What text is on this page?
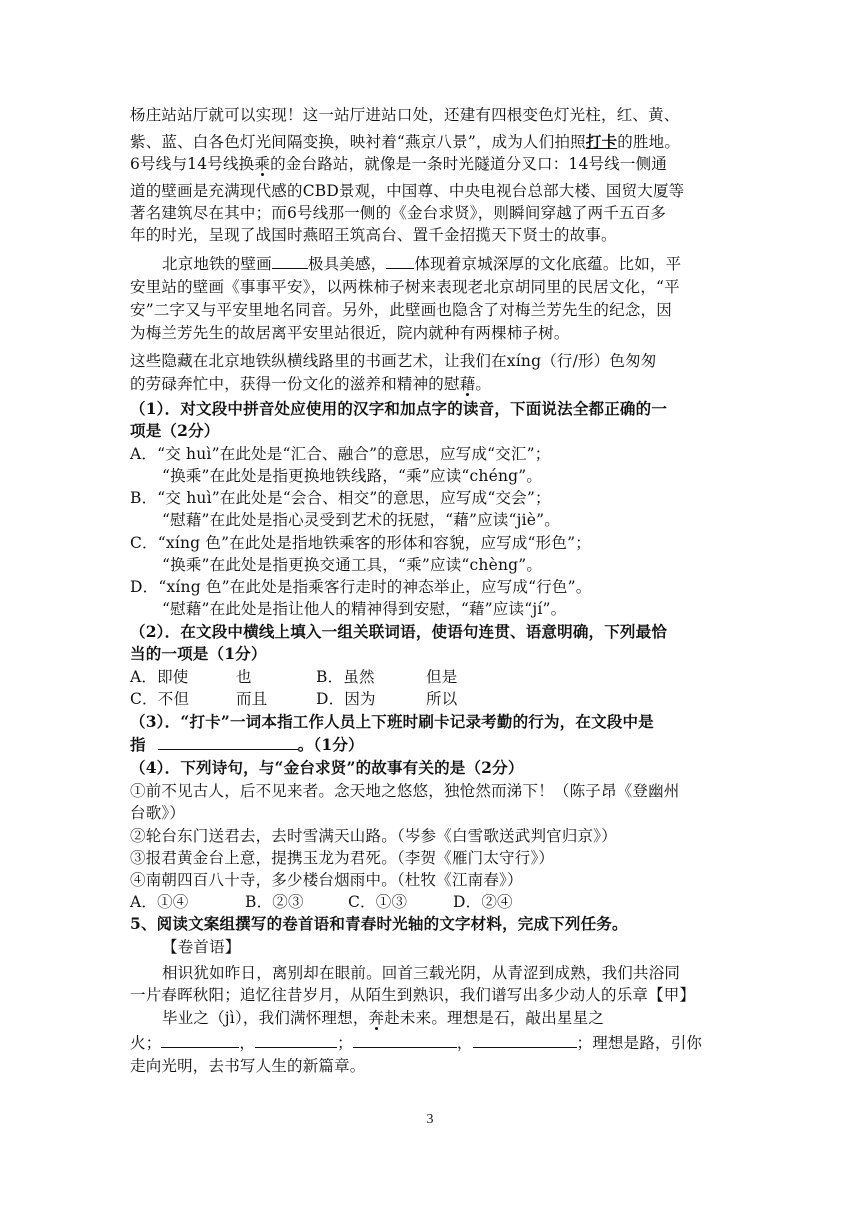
杨庄站站厅就可以实现！这一站厅进站口处，还建有四根变色灯光柱，红、黄、
紫、蓝、白各色灯光间隔变换，映衬着“燕京八景”，成为人们拍照打卡的胜地。
6号线与14号线换乘
的金台路站，就像是一条时光隧道分叉口：14号线一侧通
道的壁画是充满现代感的CBD景观，中国尊、中央电视台总部大楼、国贸大厦等
著名建筑尽在其中；而6号线那一侧的《金台求贤》，则瞬间穿越了两千五百多
年的时光，呈现了战国时燕昭王筑高台、置千金招揽天下贤士的故事。
北京地铁的壁画 极具美感， 体现着京城深厚的文化底蕴。比如，平
安里站的壁画《事事平安》，以两株柿子树来表现老北京胡同里的民居文化，“平
安”二字又与平安里地名同音。另外，此壁画也隐含了对梅兰芳先生的纪念，因
为梅兰芳先生的故居离平安里站很近，院内就种有两棵柿子树。
这些隐藏在北京地铁纵横线路里的书画艺术，让我们在xíng（行/形）色匆匆
的劳碌奔忙中，获得一份文化的滋养和精神的慰藉
。
（1）．对文段中拼音处应使用的汉字和加点字的读音，下面说法全都正确的一
项是（2分）
A．“交 huì”在此处是“汇合、融合”的意思，应写成“交汇”；
“换乘”在此处是指更换地铁线路，“乘”应读“chéng”。
B．“交 huì”在此处是“会合、相交”的意思，应写成“交会”；
“慰藉”在此处是指心灵受到艺术的抚慰，“藉”应读“jiè”。
C．“xíng 色”在此处是指地铁乘客的形体和容貌，应写成“形色”；
“换乘”在此处是指更换交通工具，“乘”应读“chèng”。
D．“xíng 色”在此处是指乘客行走时的神态举止，应写成“行色”。
“慰藉”在此处是指让他人的精神得到安慰，“藉”应读“jí”。
（2）．在文段中横线上填入一组关联词语，使语句连贯、语意明确，下列最恰
当的一项是（1分）
A．即使	也	B．虽然	但是
C．不但	而且	D．因为	所以
（3）．“打卡”一词本指工作人员上下班时刷卡记录考勤的行为，在文段中是
指	。（1分）
（4）．下列诗句，与“金台求贤”的故事有关的是（2分）
①前不见古人，后不见来者。念天地之悠悠，独怆然而涕下！（陈子昂《登幽州
台歌》）
②轮台东门送君去，去时雪满天山路。（岑参《白雪歌送武判官归京》）
③报君黄金台上意，提携玉龙为君死。（李贺《雁门太守行》）
④南朝四百八十寺，多少楼台烟雨中。（杜牧《江南春》）
A．①④	B．②③	C．①③	D．②④
5、阅读文案组撰写的卷首语和青春时光轴的文字材料，完成下列任务。
【卷首语】
相识犹如昨日，离别却在眼前。回首三载光阴，从青涩到成熟，我们共浴同
一片春晖秋阳；追忆往昔岁月，从陌生到熟识，我们谱写出多少动人的乐章【甲】
毕业之（jì），我们满怀理想，奔
赴未来。理想是石，敲出星星之
火；	，	；	，	；理想是路，引你
走向光明，去书写人生的新篇章。
3
